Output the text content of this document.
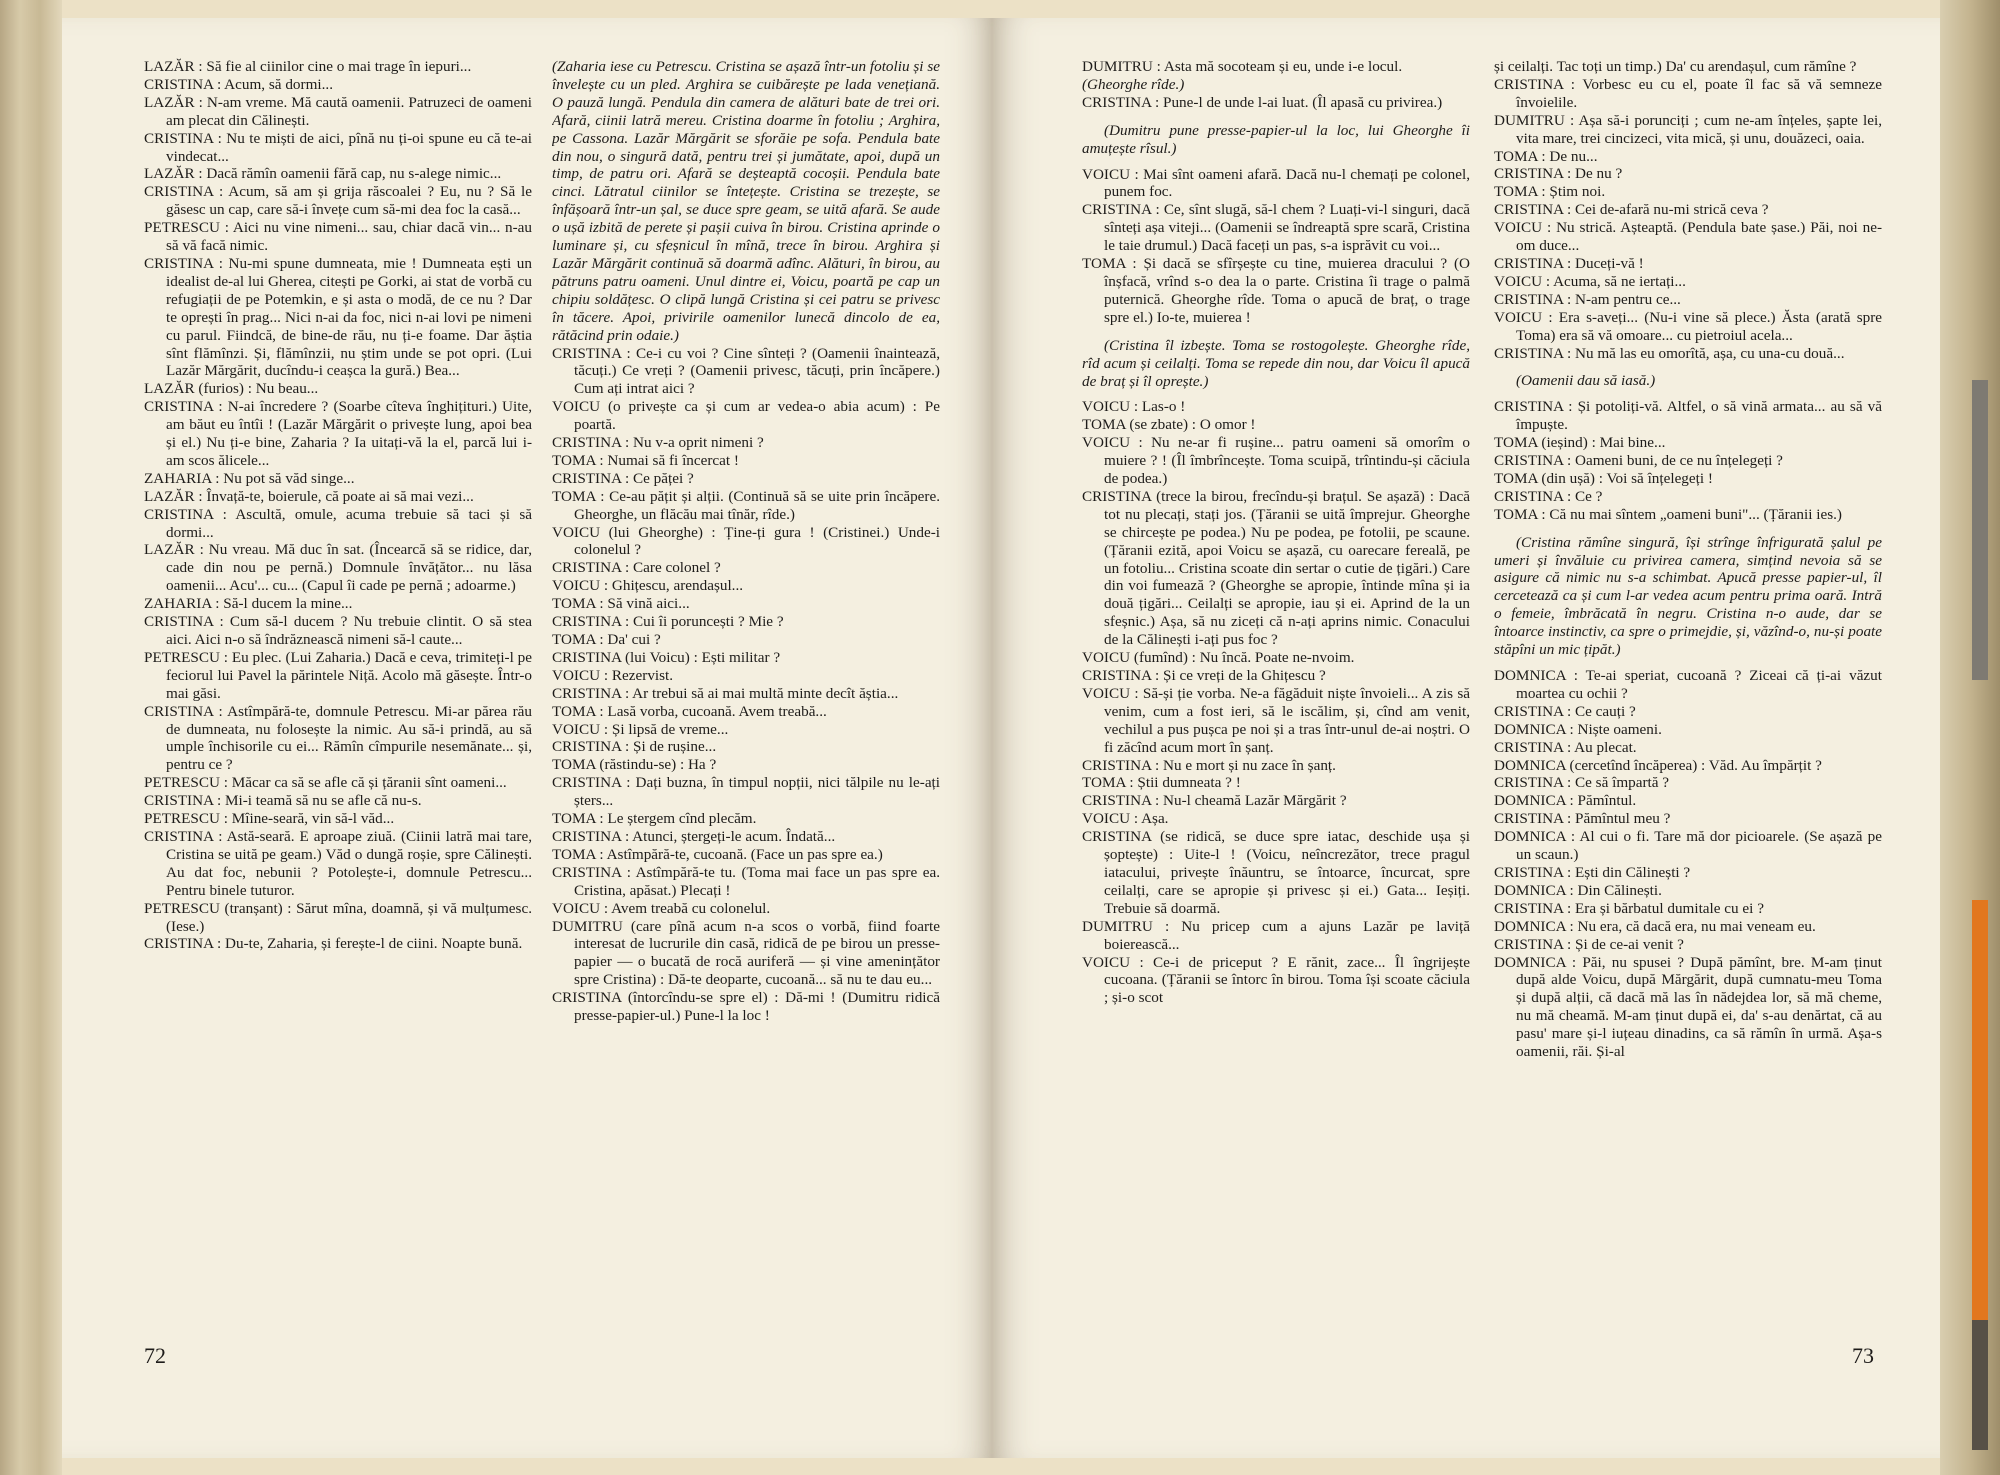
LAZĂR : Să fie al ciinilor cine o mai trage în iepuri...

CRISTINA : Acum, să dormi...

LAZĂR : N-am vreme. Mă caută oamenii. Patruzeci de oameni am plecat din Călinești.

CRISTINA : Nu te miști de aici, pînă nu ți-oi spune eu că te-ai vindecat...

LAZĂR : Dacă rămîn oamenii fără cap, nu s-alege nimic...

CRISTINA : Acum, să am și grija răscoalei ? Eu, nu ? Să le găsesc un cap, care să-i învețe cum să-mi dea foc la casă...

PETRESCU : Aici nu vine nimeni... sau, chiar dacă vin... n-au să vă facă nimic.

CRISTINA : Nu-mi spune dumneata, mie ! Dumneata ești un idealist de-al lui Gherea, citești pe Gorki, ai stat de vorbă cu refugiații de pe Potemkin, e și asta o modă, de ce nu ? Dar te oprești în prag... Nici n-ai da foc, nici n-ai lovi pe nimeni cu parul. Fiindcă, de bine-de rău, nu ți-e foame. Dar ăștia sînt flămînzi. Și, flămînzii, nu știm unde se pot opri. (Lui Lazăr Mărgărit, ducîndu-i ceașca la gură.) Bea...

LAZĂR (furios) : Nu beau...

CRISTINA : N-ai încredere ? (Soarbe cîteva înghițituri.) Uite, am băut eu întîi ! (Lazăr Mărgărit o privește lung, apoi bea și el.) Nu ți-e bine, Zaharia ? Ia uitați-vă la el, parcă lui i-am scos ălicele...

ZAHARIA : Nu pot să văd singe...

LAZĂR : Învață-te, boierule, că poate ai să mai vezi...

CRISTINA : Ascultă, omule, acuma trebuie să taci și să dormi...

LAZĂR : Nu vreau. Mă duc în sat. (Încearcă să se ridice, dar, cade din nou pe pernă.) Domnule învățător... nu lăsa oamenii... Acu'... cu... (Capul îi cade pe pernă ; adoarme.)

ZAHARIA : Să-l ducem la mine...

CRISTINA : Cum să-l ducem ? Nu trebuie clintit. O să stea aici. Aici n-o să îndrăznească nimeni să-l caute...

PETRESCU : Eu plec. (Lui Zaharia.) Dacă e ceva, trimiteți-l pe feciorul lui Pavel la părintele Niță. Acolo mă găsește. Într-o mai găsi.

CRISTINA : Astîmpără-te, domnule Petrescu. Mi-ar părea rău de dumneata, nu folosește la nimic. Au să-i prindă, au să umple închisorile cu ei... Rămîn cîmpurile nesemănate... și, pentru ce ?

PETRESCU : Măcar ca să se afle că și țăranii sînt oameni...

CRISTINA : Mi-i teamă să nu se afle că nu-s.

PETRESCU : Mîine-seară, vin să-l văd...

CRISTINA : Astă-seară. E aproape ziuă. (Ciinii latră mai tare, Cristina se uită pe geam.) Văd o dungă roșie, spre Călinești. Au dat foc, nebunii ? Potolește-i, domnule Petrescu... Pentru binele tuturor.

PETRESCU (tranșant) : Sărut mîna, doamnă, și vă mulțumesc. (Iese.)

CRISTINA : Du-te, Zaharia, și ferește-l de ciini. Noapte bună.

(Zaharia iese cu Petrescu. Cristina se așază într-un fotoliu și se învelește cu un pled. Arghira se cuibărește pe lada venețiană. O pauză lungă. Pendula din camera de alături bate de trei ori. Afară, ciinii latră mereu. Cristina doarme în fotoliu ; Arghira, pe Cassona. Lazăr Mărgărit se sforăie pe sofa. Pendula bate din nou, o singură dată, pentru trei și jumătate, apoi, după un timp, de patru ori. Afară se deșteaptă cocoșii. Pendula bate cinci. Lătratul ciinilor se întețește. Cristina se trezește, se înfășoară într-un șal, se duce spre geam, se uită afară. Se aude o ușă izbită de perete și pașii cuiva în birou. Cristina aprinde o luminare și, cu sfeșnicul în mînă, trece în birou. Arghira și Lazăr Mărgărit continuă să doarmă adînc. Alături, în birou, au pătruns patru oameni. Unul dintre ei, Voicu, poartă pe cap un chipiu soldățesc. O clipă lungă Cristina și cei patru se privesc în tăcere. Apoi, privirile oamenilor lunecă dincolo de ea, rătăcind prin odaie.)

CRISTINA : Ce-i cu voi ? Cine sînteți ? (Oamenii înaintează, tăcuți.) Ce vreți ? (Oamenii privesc, tăcuți, prin încăpere.) Cum ați intrat aici ?

VOICU (o privește ca și cum ar vedea-o abia acum) : Pe poartă.

CRISTINA : Nu v-a oprit nimeni ?

TOMA : Numai să fi încercat !

CRISTINA : Ce păței ?

TOMA : Ce-au pățit și alții. (Continuă să se uite prin încăpere. Gheorghe, un flăcău mai tînăr, rîde.)

VOICU (lui Gheorghe) : Ține-ți gura ! (Cristinei.) Unde-i colonelul ?

CRISTINA : Care colonel ?

VOICU : Ghițescu, arendașul...

TOMA : Să vină aici...

CRISTINA : Cui îi poruncești ? Mie ?

TOMA : Da' cui ?

CRISTINA (lui Voicu) : Ești militar ?

VOICU : Rezervist.

CRISTINA : Ar trebui să ai mai multă minte decît ăștia...

TOMA : Lasă vorba, cucoană. Avem treabă...

VOICU : Și lipsă de vreme...

CRISTINA : Și de rușine...

TOMA (răstindu-se) : Ha ?

CRISTINA : Dați buzna, în timpul nopții, nici tălpile nu le-ați șters...

TOMA : Le ștergem cînd plecăm.

CRISTINA : Atunci, ștergeți-le acum. Îndată...

TOMA : Astîmpără-te, cucoană. (Face un pas spre ea.)

CRISTINA : Astîmpără-te tu. (Toma mai face un pas spre ea. Cristina, apăsat.) Plecați !

VOICU : Avem treabă cu colonelul.

DUMITRU (care pînă acum n-a scos o vorbă, fiind foarte interesat de lucrurile din casă, ridică de pe birou un presse-papier — o bucată de rocă auriferă — și vine amenințător spre Cristina) : Dă-te deoparte, cucoană... să nu te dau eu...

CRISTINA (întorcîndu-se spre el) : Dă-mi ! (Dumitru ridică presse-papier-ul.) Pune-l la loc !

72

DUMITRU : Asta mă socoteam și eu, unde i-e locul.

(Gheorghe rîde.)

CRISTINA : Pune-l de unde l-ai luat. (Îl apasă cu privirea.)

(Dumitru pune presse-papier-ul la loc, lui Gheorghe îi amuțește rîsul.)

VOICU : Mai sînt oameni afară. Dacă nu-l chemați pe colonel, punem foc.

CRISTINA : Ce, sînt slugă, să-l chem ? Luați-vi-l singuri, dacă sînteți așa viteji... (Oamenii se îndreaptă spre scară, Cristina le taie drumul.) Dacă faceți un pas, s-a isprăvit cu voi...

TOMA : Și dacă se sfîrșește cu tine, muierea dracului ? (O înșfacă, vrînd s-o dea la o parte. Cristina îi trage o palmă puternică. Gheorghe rîde. Toma o apucă de braț, o trage spre el.) Io-te, muierea !

(Cristina îl izbește. Toma se rostogolește. Gheorghe rîde, rîd acum și ceilalți. Toma se repede din nou, dar Voicu îl apucă de braț și îl oprește.)

VOICU : Las-o !

TOMA (se zbate) : O omor !

VOICU : Nu ne-ar fi rușine... patru oameni să omorîm o muiere ? ! (Îl îmbrîncește. Toma scuipă, trîntindu-și căciula de podea.)

CRISTINA (trece la birou, frecîndu-și brațul. Se așază) : Dacă tot nu plecați, stați jos. (Țăranii se uită împrejur. Gheorghe se chircește pe podea.) Nu pe podea, pe fotolii, pe scaune. (Țăranii ezită, apoi Voicu se așază, cu oarecare fereală, pe un fotoliu... Cristina scoate din sertar o cutie de țigări.) Care din voi fumează ? (Gheorghe se apropie, întinde mîna și ia două țigări... Ceilalți se apropie, iau și ei. Aprind de la un sfeșnic.) Așa, să nu ziceți că n-ați aprins nimic. Conacului de la Călinești i-ați pus foc ?

VOICU (fumînd) : Nu încă. Poate ne-nvoim.

CRISTINA : Și ce vreți de la Ghițescu ?

VOICU : Să-și ție vorba. Ne-a făgăduit niște învoieli... A zis să venim, cum a fost ieri, să le iscălim, și, cînd am venit, vechilul a pus pușca pe noi și a tras într-unul de-ai noștri. O fi zăcînd acum mort în șanț.

CRISTINA : Nu e mort și nu zace în șanț.

TOMA : Știi dumneata ? !

CRISTINA : Nu-l cheamă Lazăr Mărgărit ?

VOICU : Așa.

CRISTINA (se ridică, se duce spre iatac, deschide ușa și șoptește) : Uite-l ! (Voicu, neîncrezător, trece pragul iatacului, privește înăuntru, se întoarce, încurcat, spre ceilalți, care se apropie și privesc și ei.) Gata... Ieșiți. Trebuie să doarmă.

DUMITRU : Nu pricep cum a ajuns Lazăr pe laviță boierească...

VOICU : Ce-i de priceput ? E rănit, zace... Îl îngrijește cucoana. (Țăranii se întorc în birou. Toma își scoate căciula ; și-o scot

și ceilalți. Tac toți un timp.) Da' cu arendașul, cum rămîne ?

CRISTINA : Vorbesc eu cu el, poate îl fac să vă semneze învoielile.

DUMITRU : Așa să-i porunciți ; cum ne-am înțeles, șapte lei, vita mare, trei cincizeci, vita mică, și unu, douăzeci, oaia.

TOMA : De nu...

CRISTINA : De nu ?

TOMA : Știm noi.

CRISTINA : Cei de-afară nu-mi strică ceva ?

VOICU : Nu strică. Așteaptă. (Pendula bate șase.) Păi, noi ne-om duce...

CRISTINA : Duceți-vă !

VOICU : Acuma, să ne iertați...

CRISTINA : N-am pentru ce...

VOICU : Era s-aveți... (Nu-i vine să plece.) Ăsta (arată spre Toma) era să vă omoare... cu pietroiul acela...

CRISTINA : Nu mă las eu omorîtă, așa, cu una-cu două...

(Oamenii dau să iasă.)

CRISTINA : Și potoliți-vă. Altfel, o să vină armata... au să vă împuște.

TOMA (ieșind) : Mai bine...

CRISTINA : Oameni buni, de ce nu înțelegeți ?

TOMA (din ușă) : Voi să înțelegeți !

CRISTINA : Ce ?

TOMA : Că nu mai sîntem „oameni buni"... (Țăranii ies.)

(Cristina rămîne singură, își strînge înfrigurată șalul pe umeri și învăluie cu privirea camera, simțind nevoia să se asigure că nimic nu s-a schimbat. Apucă presse papier-ul, îl cercetează ca și cum l-ar vedea acum pentru prima oară. Intră o femeie, îmbrăcată în negru. Cristina n-o aude, dar se întoarce instinctiv, ca spre o primejdie, și, văzînd-o, nu-și poate stăpîni un mic țipăt.)

DOMNICA : Te-ai speriat, cucoană ? Ziceai că ți-ai văzut moartea cu ochii ?

CRISTINA : Ce cauți ?

DOMNICA : Niște oameni.

CRISTINA : Au plecat.

DOMNICA (cercetînd încăperea) : Văd. Au împărțit ?

CRISTINA : Ce să împartă ?

DOMNICA : Pămîntul.

CRISTINA : Pămîntul meu ?

DOMNICA : Al cui o fi. Tare mă dor picioarele. (Se așază pe un scaun.)

CRISTINA : Ești din Călinești ?

DOMNICA : Din Călinești.

CRISTINA : Era și bărbatul dumitale cu ei ?

DOMNICA : Nu era, că dacă era, nu mai veneam eu.

CRISTINA : Și de ce-ai venit ?

DOMNICA : Păi, nu spusei ? După pămînt, bre. M-am ținut după alde Voicu, după Mărgărit, după cumnatu-meu Toma și după alții, că dacă mă las în nădejdea lor, să mă cheme, nu mă cheamă. M-am ținut după ei, da' s-au denărtat, că au pasu' mare și-l iuțeau dinadins, ca să rămîn în urmă. Așa-s oamenii, răi. Și-al

73
